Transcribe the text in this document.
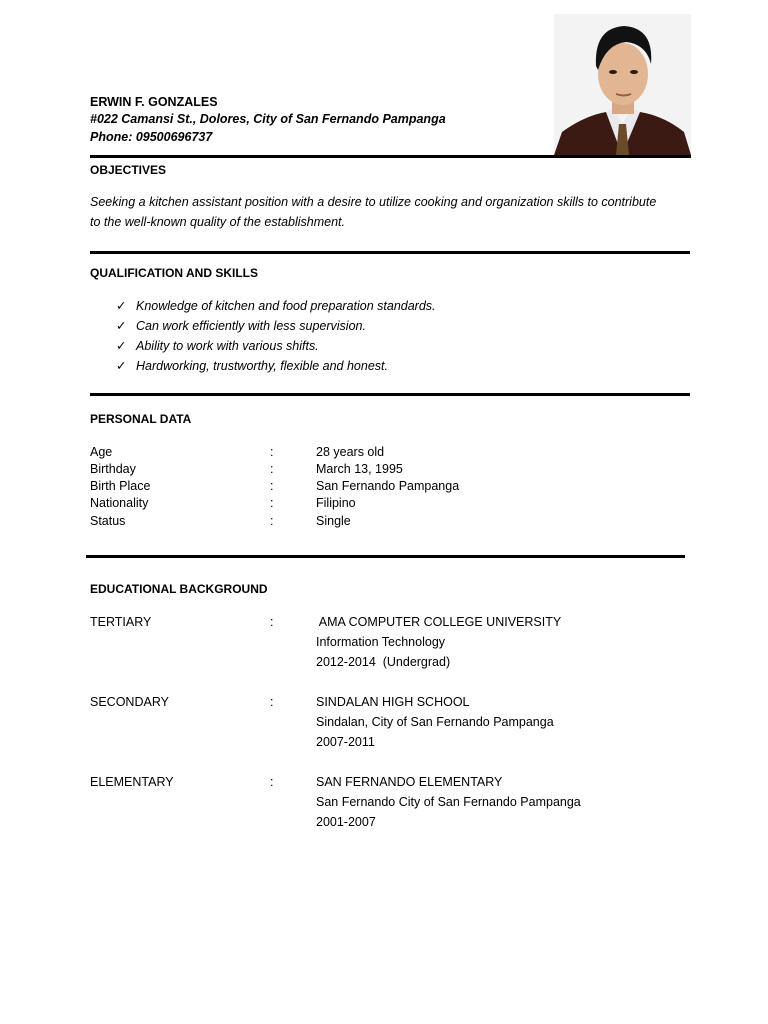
ERWIN F. GONZALES
#022 Camansi St., Dolores, City of San Fernando Pampanga
Phone: 09500696737
OBJECTIVES
Seeking a kitchen assistant position with a desire to utilize cooking and organization skills to contribute
to the well-known quality of the establishment.
QUALIFICATION AND SKILLS
✓ Knowledge of kitchen and food preparation standards.
✓ Can work efficiently with less supervision.
✓ Ability to work with various shifts.
✓ Hardworking, trustworthy, flexible and honest.
PERSONAL DATA
Age	:	28 years old
Birthday	:	March 13, 1995
Birth Place	:	San Fernando Pampanga
Nationality	:	Filipino
Status	:	Single
EDUCATIONAL BACKGROUND
TERTIARY	:	AMA COMPUTER COLLEGE UNIVERSITY
Information Technology
2012-2014  (Undergrad)
SECONDARY	:	SINDALAN HIGH SCHOOL
Sindalan, City of San Fernando Pampanga
2007-2011
ELEMENTARY	:	SAN FERNANDO ELEMENTARY
San Fernando City of San Fernando Pampanga
2001-2007
